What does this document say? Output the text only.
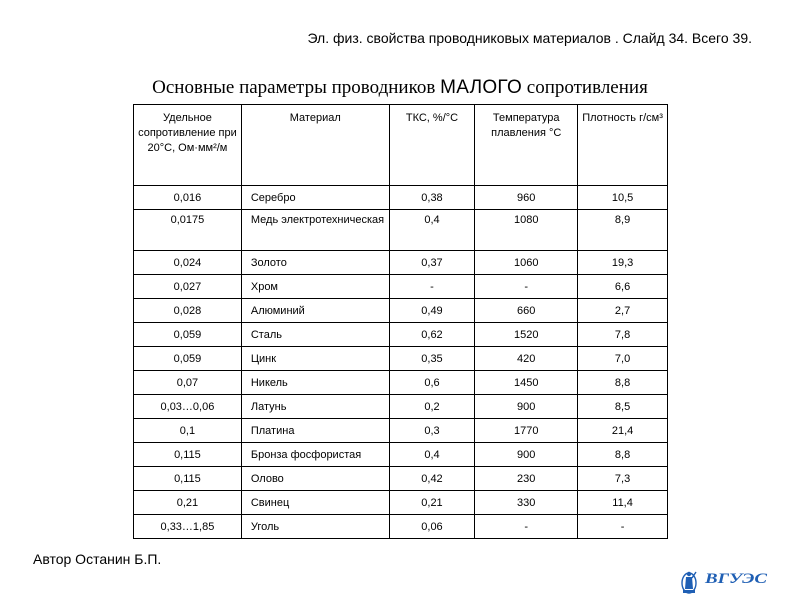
Эл. физ. свойства проводниковых материалов . Слайд 34. Всего 39.
Основные параметры проводников МАЛОГО сопротивления
Удельное сопротивление при 20°С, Ом·мм²/м	Материал	ТКС, %/°С	Температура плавления °С	Плотность г/см³
0,016	Серебро	0,38	960	10,5
0,0175	Медь электротехническая	0,4	1080	8,9
0,024	Золото	0,37	1060	19,3
0,027	Хром	-	-	6,6
0,028	Алюминий	0,49	660	2,7
0,059	Сталь	0,62	1520	7,8
0,059	Цинк	0,35	420	7,0
0,07	Никель	0,6	1450	8,8
0,03…0,06	Латунь	0,2	900	8,5
0,1	Платина	0,3	1770	21,4
0,115	Бронза фосфористая	0,4	900	8,8
0,115	Олово	0,42	230	7,3
0,21	Свинец	0,21	330	11,4
0,33…1,85	Уголь	0,06	-	-
Автор Останин Б.П.
ВГУЭС
